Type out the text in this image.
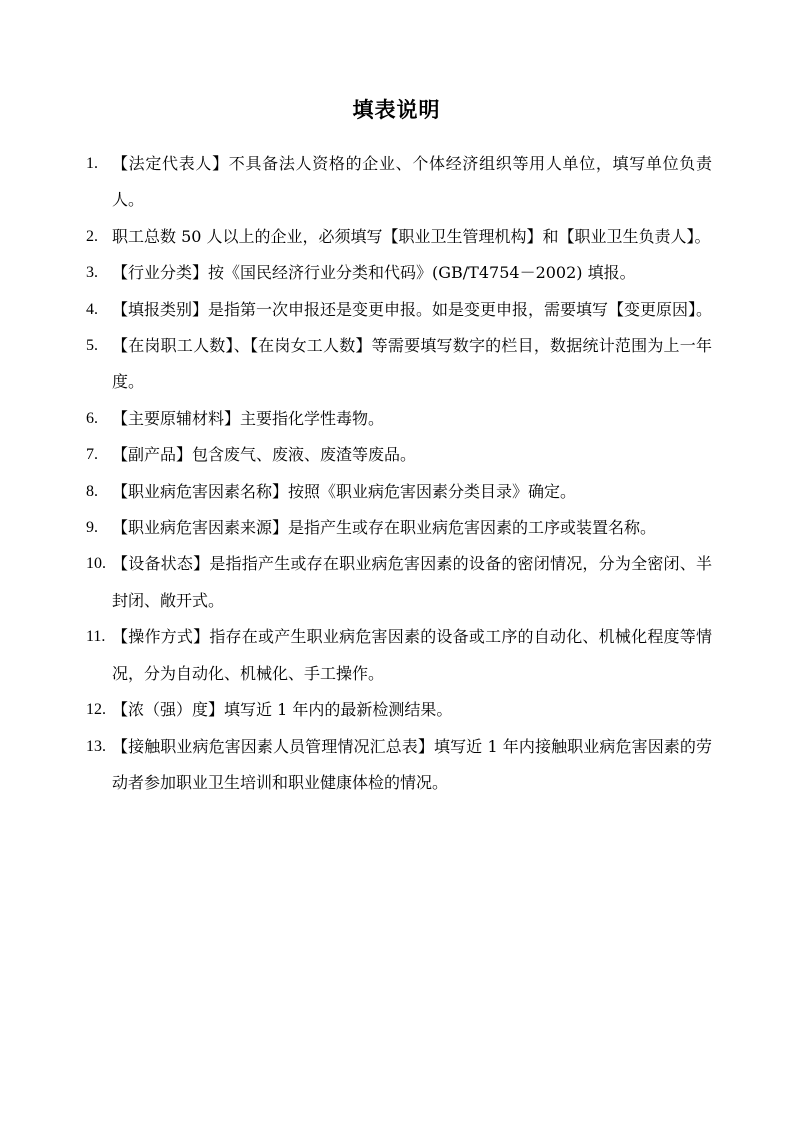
填表说明
1. 【法定代表人】不具备法人资格的企业、个体经济组织等用人单位，填写单位负责人。
2. 职工总数 50 人以上的企业，必须填写【职业卫生管理机构】和【职业卫生负责人】。
3. 【行业分类】按《国民经济行业分类和代码》(GB/T4754－2002) 填报。
4. 【填报类别】是指第一次申报还是变更申报。如是变更申报，需要填写【变更原因】。
5. 【在岗职工人数】、【在岗女工人数】等需要填写数字的栏目，数据统计范围为上一年度。
6. 【主要原辅材料】主要指化学性毒物。
7. 【副产品】包含废气、废液、废渣等废品。
8. 【职业病危害因素名称】按照《职业病危害因素分类目录》确定。
9. 【职业病危害因素来源】是指产生或存在职业病危害因素的工序或装置名称。
10. 【设备状态】是指指产生或存在职业病危害因素的设备的密闭情况，分为全密闭、半封闭、敞开式。
11. 【操作方式】指存在或产生职业病危害因素的设备或工序的自动化、机械化程度等情况，分为自动化、机械化、手工操作。
12. 【浓（强）度】填写近 1 年内的最新检测结果。
13. 【接触职业病危害因素人员管理情况汇总表】填写近 1 年内接触职业病危害因素的劳动者参加职业卫生培训和职业健康体检的情况。
